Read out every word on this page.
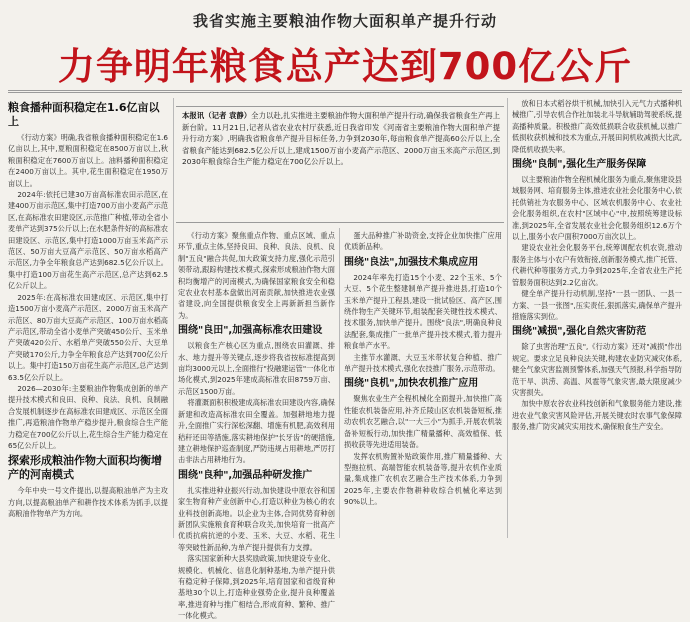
我省实施主要粮油作物大面积单产提升行动
力争明年粮食总产达到700亿公斤
本报讯（记者 袁静）全力以赴,扎实推进主要粮油作物大面积单产提升行动,确保我省粮食生产再上新台阶。11月21日,记者从省农业农村厅获悉,近日我省印发《河南省主要粮油作物大面积单产提升行动方案》,明确我省粮食单产提升目标任务,力争到2030年,每亩粮食单产提高60公斤以上,全省粮食产能达到682.5亿公斤以上,建成1500万亩小麦高产示范区、2000万亩玉米高产示范区,到2030年粮食综合生产能力稳定在700亿公斤以上。
粮食播种面积稳定在1.6亿亩以上

《行动方案》明确,我省粮食播种面积稳定在1.6亿亩以上,其中,夏粮面积稳定在8500万亩以上,秋粮面积稳定在7600万亩以上。油料播种面积稳定在2400万亩以上。其中,花生面积稳定在1950万亩以上。

2024年:依托已建30万亩高标准农田示范区,在建400万亩示范区,集中打造700万亩小麦高产示范区,在高标准农田建设区,示范推广种植,带动全省小麦单产达到375公斤以上;在水肥条件好的高标准农田建设区、示范区,集中打造1000万亩玉米高产示范区、50万亩大豆高产示范区、50万亩水稻高产示范区,力争全年粮食总产达到682.5亿公斤以上。集中打造100万亩花生高产示范区,总产达到62.5亿公斤以上。

2025年:在高标准农田建成区、示范区,集中打造1500万亩小麦高产示范区、2000万亩玉米高产示范区、80万亩大豆高产示范区、100万亩水稻高产示范区,带动全省小麦单产突破450公斤、玉米单产突破420公斤、水稻单产突破550公斤、大豆单产突破170公斤,力争全年粮食总产达到700亿公斤以上。集中打造150万亩花生高产示范区,总产达到63.5亿公斤以上。

2026—2030年:主要粮油作物集成创新的单产提升技术模式和良田、良种、良法、良机、良制融合发展机制逐步在高标准农田建成区、示范区全面推广,再造粮油作物单产稳步提升,粮食综合生产能力稳定在700亿公斤以上,花生综合生产能力稳定在65亿公斤以上。

探索形成粮油作物大面积均衡增产的河南模式

今年中央一号文件提出,以提高粮油单产为主攻方向,以提高粮油单产和耕作技术体系为抓手,以提高粮油作物单产为方向。

《行动方案》聚焦重点作物、重点区域、重点环节,重点主体,坚持良田、良种、良法、良机、良制"五良"融合共促,加大政策支持力度,强化示范引领带动,跟踪构建技术模式,探索形成粮油作物大面积均衡增产的河南模式,为确保国家粮食安全和稳定农业农村基本盘做出河南贡献,加快推进农业强省建设,向全国提供粮食安全上再新新担当新作为。

围绕"良田",加强高标准农田建设

以粮食生产核心区为重点,围绕农田灌溉、排水、地力提升等关键点,逐步将我省按标准提高到亩均3000元以上,全面推行"投融建运管"一体化市场化模式,到2025年建成高标准农田8759万亩、示范区1500万亩。

将灌溉面积积极建成高标准农田建设内容,确保新建和改造高标准农田全覆盖。加强耕地地力提升,全面推广实行深松深翻、增施有机肥,高效利用秸秆还田等措施,落实耕地保护"长牙齿"的硬措施,建立耕地保护巡查制度,严防违规占用耕地,严厉打击非法占用耕地行为。

围绕"良种",加强品种研发推广

扎实推进种业振兴行动,加快建设中原农谷和国家生物育种产业创新中心,打造以种业为核心的农业科技创新高地。以企业为主体,合同优势育种创新团队实施粮食育种联合攻关,加快培育一批高产优质抗病抗逆的小麦、玉米、大豆、水稻、花生等突破性新品种,为单产提升提供有力支撑。

落实国家新种大县奖励政策,加快建设专业化、规模化、机械化、信息化制种基地,为单产提升供有稳定种子保障,到2025年,培育国家和省级育种基地30个以上,打造种业强势企业,提升良种覆盖率,推进育种与推广相结合,形成育种、繁种、推广一体化模式。

蛋大品种推广补助资金,支持企业加快推广应用优质新品种。

围绕"良法",加强技术集成应用

2024年率先打造15个小麦、22个玉米、5个大豆、5个花生整建制单产提升推进县,打造10个玉米单产提升工程县,建设一批试验区、高产区,围绕作物生产关键环节,组装配套关键性技术模式、技术服务,加快单产提升。围绕"良法",明确良种良法配套,集成推广一批单产提升技术模式,着力提升粮食单产水平。

主推节水灌溉、大豆玉米带状复合种植、推广单产提升技术模式,强化农技推广服务,示范带动。

围绕"良机",加快农机推广应用

聚焦农业生产全程机械化全面提升,加快推广高性能农机装备应用,补齐丘陵山区农机装备短板,推动农机农艺融合,以"一大三小"为抓手,开展农机装备补短板行动,加快推广精量播种、高效植保、低损收获等先进适用装备。

发挥农机购置补贴政策作用,推广精量播种、大型拖拉机、高端智能农机装备等,提升农机作业质量,集成推广农机农艺融合生产技术体系,力争到2025年,主要农作物耕种收综合机械化率达到90%以上。

放和日本式稻谷烘干机械,加快引入元气力式播种机械推广,引导农机合作社加装北斗导航辅助驾驶系统,提高播种质量。积极推广高效低损联合收获机械,以推广低损收获机械和技术为重点,开展田间机收减损大比武,降低机收损失率。

围绕"良制",强化生产服务保障

以主要粮油作物全程机械化服务为重点,聚焦建设县域服务网、培育服务主体,推进农业社会化服务中心,依托供销社为农服务中心、区域农机服务中心、农业社会化服务组织,在农村"区域中心"中,按照统筹建设标准,到2025年,全省发展农业社会化服务组织12.6万个以上,服务小农户面积7000万亩次以上。

建设农业社会化服务平台,统筹调配农机农资,推动服务主体与小农户有效衔接,创新服务模式,推广托管、代耕代种等服务方式,力争到2025年,全省农业生产托管服务面积达到2.2亿亩次。

健全单产提升行动机制,坚持"一县一团队、一县一方案、一县一张图",压实责任,狠抓落实,确保单产提升措施落实到位。

围绕"减损",强化自然灾害防范

除了虫害治理"五良",《行动方案》还对"减损"作出规定。要求立足良种良法关键,构建农业防灾减灾体系,健全气象灾害监测预警体系,加强天气预报,科学指导防范干旱、洪涝、高温、风雹等气象灾害,最大限度减少灾害损失。

加快中原农谷农业科技创新和气象服务能力建设,推进农业气象灾害风险评估,开展关键农时农事气象保障服务,推广防灾减灾实用技术,确保粮食生产安全。
